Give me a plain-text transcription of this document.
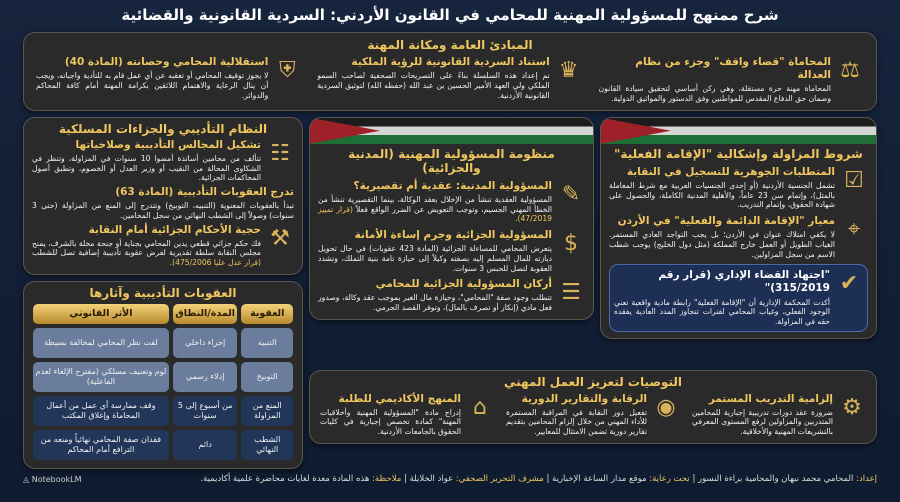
شرح ممنهج للمسؤولية المهنية للمحامي في القانون الأردني: السردية القانونية والقضائية
المبادئ العامة ومكانة المهنة
⚖
المحاماة "قضاء واقف" وجزء من نظام العدالة
المحاماة مهنة حرة مستقلة، وهي ركن أساسي لتحقيق سيادة القانون وضمان حق الدفاع المقدس للمواطنين وفق الدستور والمواثيق الدولية.
♛
استناد السردية القانونية للرؤية الملكية
تم إعداد هذه السلسلة بناءً على التصريحات الصحفية لصاحب السمو الملكي ولي العهد الأمير الحسين بن عبد الله (حفظه الله) لتوثيق السردية القانونية الأردنية.
⛨
استقلالية المحامي وحصانته (المادة 40)
لا يجوز توقيف المحامي أو تعقبه عن أي عمل قام به للتأدية واجباته، ويجب أن ينال الرعاية والاهتمام اللائقين بكرامة المهنة أمام كافة المحاكم والدوائر.
شروط المزاولة وإشكالية "الإقامة الفعلية"
☑
المتطلبات الجوهرية للتسجيل في النقابة
تشمل الجنسية الأردنية (أو إحدى الجنسيات العربية مع شرط المعاملة بالمثل)، وإتمام سن 23 عاماً، والأهلية المدنية الكاملة، والحصول على شهادة الحقوق، وإتمام التدريب.
⌖
معيار "الإقامة الدائمة والفعلية" في الأردن
لا يكفي امتلاك عنوان في الأردن؛ بل يجب التواجد العادي المستمر. الغياب الطويل أو العمل خارج المملكة (مثل دول الخليج) يوجب شطب الاسم من سجل المزاولين.
✔
"اجتهاد القضاء الإداري (قرار رقم 315/2019)"
أكدت المحكمة الإدارية أن "الإقامة الفعلية" رابطة مادية واقعية تعني الوجود الفعلي، وغياب المحامي لفترات تتجاوز المدد العادية يفقده حقه في المزاولة.
منظومة المسؤولية المهنية (المدنية والجزائية)
✎
المسؤولية المدنية: عقدية أم تقصيرية؟
المسؤولية العقدية تنشأ من الإخلال بعقد الوكالة، بينما التقصيرية تنشأ من الخطأ المهني الجسيم، وتوجب التعويض عن الضرر الواقع فعلاً (قرار تمييز 47/2019).
$
المسؤولية الجزائية وجرم إساءة الأمانة
يتعرض المحامي للمساءلة الجزائية (المادة 423 عقوبات) في حال تحويل ديازته للمال المسلم إليه بصفته وكيلاً إلى حيازة تامة بنية التملك، وتشدد العقوبة لتصل للحبس 3 سنوات.
☰
أركان المسؤولية الجزائية للمحامي
تتطلب وجود صفة "المحامي"، وحيازة مال الغير بموجب عقد وكالة، وصدور فعل مادي (إنكار أو تصرف بالمال)، وتوفر القصد الجرمي.
النظام التأديبي والجزاءات المسلكية
☷
تشكيل المجالس التأديبية وصلاحياتها
تتألف من محامين أساتذة أمضوا 10 سنوات في المزاولة، وتنظر في الشكاوى المحالة من النقيب أو وزير العدل أو الخصوم، وتطبق أصول المحاكمات الجزائية.
تدرج العقوبات التأديبية (المادة 63)
تبدأ بالعقوبات المعنوية (التنبيه، التوبيخ) وتتدرج إلى المنع من المزاولة (حتى 3 سنوات) وصولاً إلى الشطب النهائي من سجل المحامين.
⚒
حجية الأحكام الجزائية أمام النقابة
فك حكم جزائي قطعي يدين المحامي بجناية أو جنحة مخلة بالشرف، يمنح مجلس النقابة سلطة تقديرية لفرض عقوبة تأديبية إضافية تصل للشطب (قرار عدل عليا 475/2006).
العقوبات التأديبية وآثارها
العقوبة	المدة/النطاق	الأثر القانوني
التنبيه	إجراء داخلي	لفت نظر المحامي لمخالفة بسيطة
التوبيخ	إدلاء رسمي	لوم وتعنيف مسلكي (مقترح الإلغاء لعدم الفاعلية)
المنع من المزاولة	من أسبوع إلى 5 سنوات	وقف ممارسة أي عمل من أعمال المحاماة وإغلاق المكتب
الشطب النهائي	دائم	فقدان صفة المحامي نهائياً ومنعه من الترافع أمام المحاكم
التوصيات لتعزيز العمل المهني
⚙
إلزامية التدريب المستمر
ضرورة عقد دورات تدريبية إجبارية للمحامين المتدربين والمزاولين لرفع المستوى المعرفي بالتشريعات المهنية والأخلاقية.
◉
الرقابة والتقارير الدورية
تفعيل دور النقابة في المراقبة المستمرة للأداء المهني من خلال إلزام المحامين بتقديم تقارير دورية تضمن الامتثال للمعايير.
⌂
المنهج الأكاديمي للطلبة
إدراج مادة "المسؤولية المهنية وأخلاقيات المهنة" كمادة تخصص إجبارية في كليات الحقوق بالجامعات الأردنية.
إعداد: المحامي محمد نبهان والمحامية براءة النسور | تحت رعاية: موقع مدار الساعة الإخبارية | مشرف التحرير الصحفي: عواد الخلايلة | ملاحظة: هذه المادة معدة لغايات محاضرة علمية أكاديمية.
◬ NotebookLM
